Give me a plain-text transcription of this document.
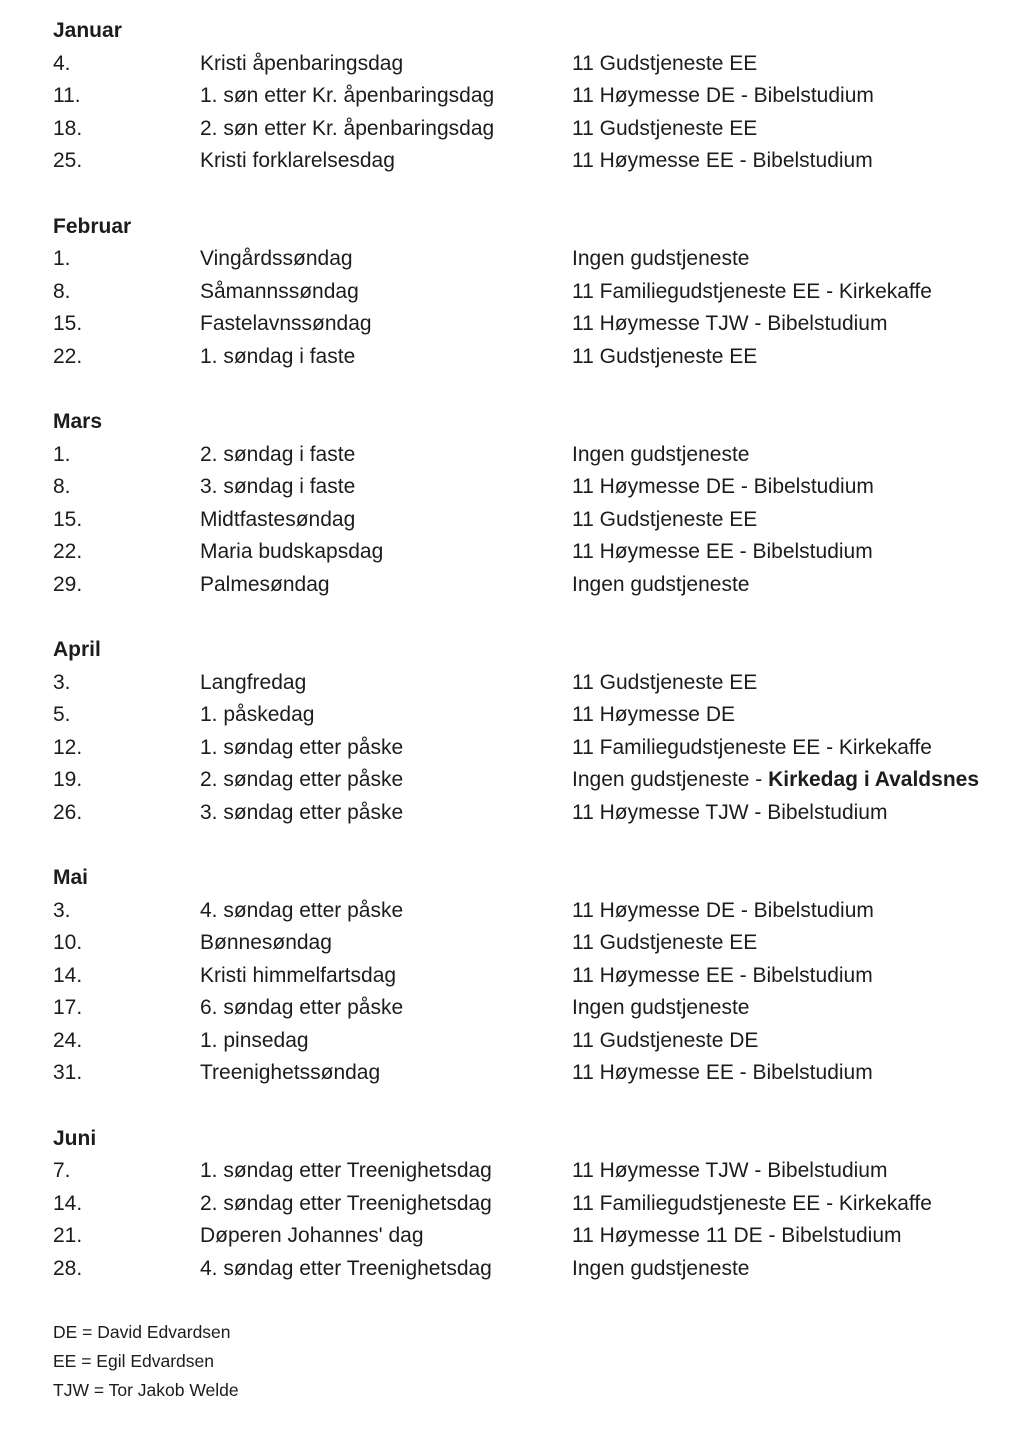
Januar
4.	Kristi åpenbaringsdag	11 Gudstjeneste EE
11.	1. søn etter Kr. åpenbaringsdag	11 Høymesse DE - Bibelstudium
18.	2. søn etter Kr. åpenbaringsdag	11 Gudstjeneste EE
25.	Kristi forklarelsesdag	11 Høymesse EE - Bibelstudium
Februar
1.	Vingårdssøndag	Ingen gudstjeneste
8.	Såmannssøndag	11 Familiegudstjeneste EE - Kirkekaffe
15.	Fastelavnssøndag	11 Høymesse TJW - Bibelstudium
22.	1. søndag i faste	11 Gudstjeneste EE
Mars
1.	2. søndag i faste	Ingen gudstjeneste
8.	3. søndag i faste	11 Høymesse DE - Bibelstudium
15.	Midtfastesøndag	11 Gudstjeneste EE
22.	Maria budskapsdag	11 Høymesse EE - Bibelstudium
29.	Palmesøndag	Ingen gudstjeneste
April
3.	Langfredag	11 Gudstjeneste EE
5.	1. påskedag	11 Høymesse DE
12.	1. søndag etter påske	11 Familiegudstjeneste EE - Kirkekaffe
19.	2. søndag etter påske	Ingen gudstjeneste - Kirkedag i Avaldsnes
26.	3. søndag etter påske	11 Høymesse TJW - Bibelstudium
Mai
3.	4. søndag etter påske	11 Høymesse DE - Bibelstudium
10.	Bønnesøndag	11 Gudstjeneste EE
14.	Kristi himmelfartsdag	11 Høymesse EE - Bibelstudium
17.	6. søndag etter påske	Ingen gudstjeneste
24.	1. pinsedag	11 Gudstjeneste DE
31.	Treenighetssøndag	11 Høymesse EE - Bibelstudium
Juni
7.	1. søndag etter Treenighetsdag	11 Høymesse TJW - Bibelstudium
14.	2. søndag etter Treenighetsdag	11 Familiegudstjeneste EE - Kirkekaffe
21.	Døperen Johannes' dag	11 Høymesse 11 DE - Bibelstudium
28.	4. søndag etter Treenighetsdag	Ingen gudstjeneste
DE = David Edvardsen
EE = Egil Edvardsen
TJW = Tor Jakob Welde
